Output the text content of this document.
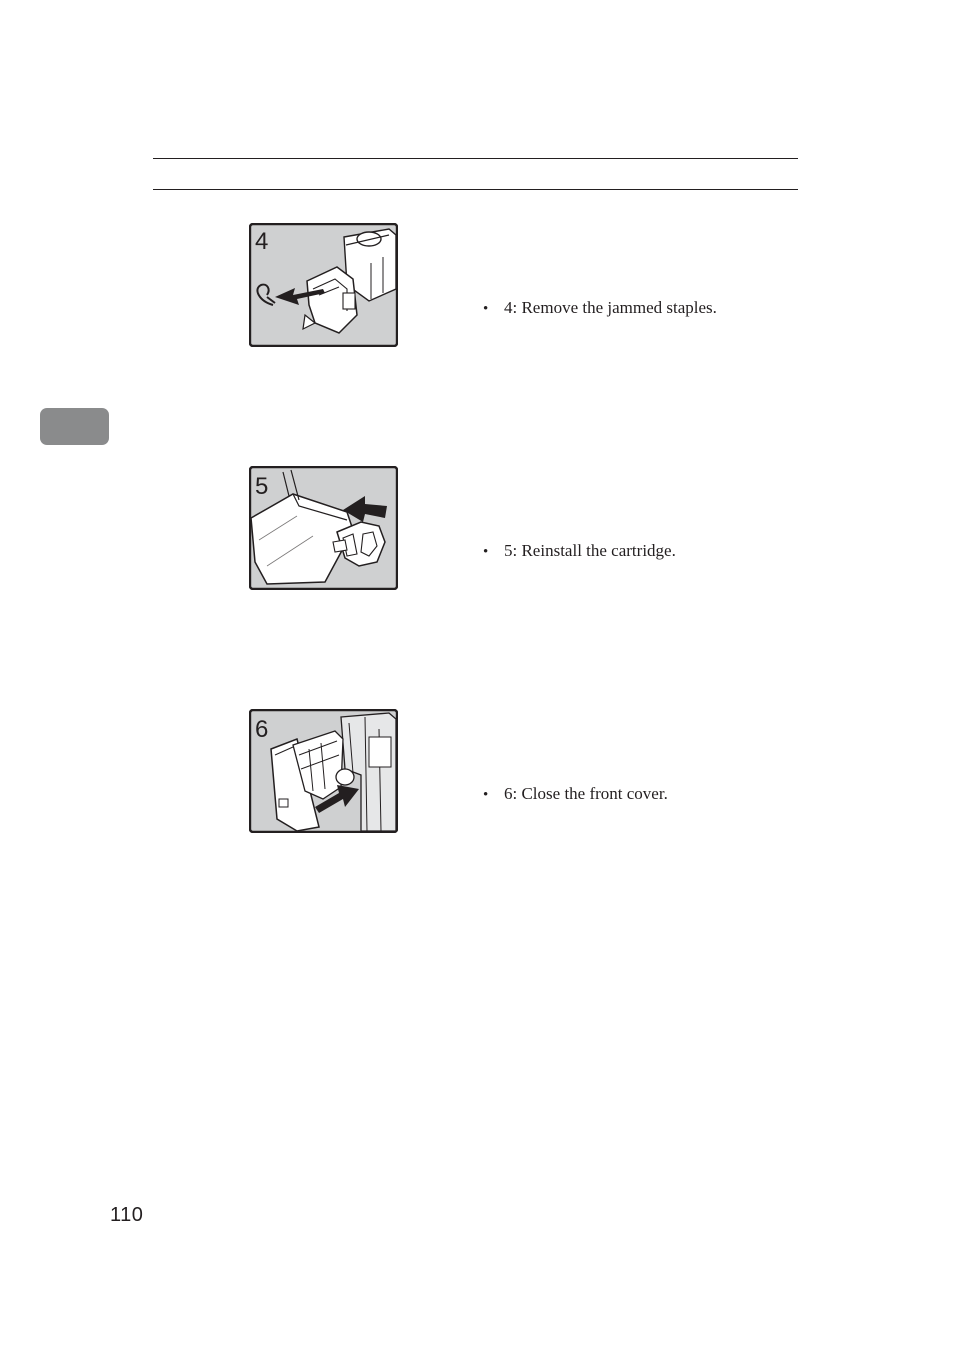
4
• 4: Remove the jammed staples.
5
• 5: Reinstall the cartridge.
6
• 6: Close the front cover.
110
